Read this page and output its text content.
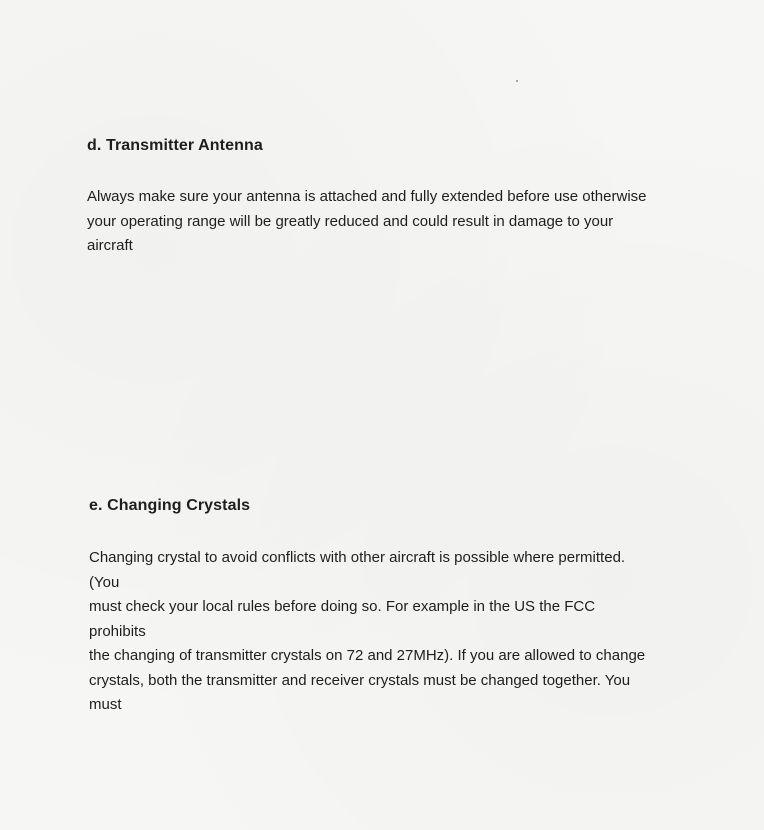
d. Transmitter Antenna

Always make sure your antenna is attached and fully extended before use otherwise
your operating range will be greatly reduced and could result in damage to your
aircraft

e. Changing Crystals

Changing crystal to avoid conflicts with other aircraft is possible where permitted.
(You
must check your local rules before doing so. For example in the US the FCC
prohibits
the changing of transmitter crystals on 72 and 27MHz). If you are allowed to change
crystals, both the transmitter and receiver crystals must be changed together. You
must
